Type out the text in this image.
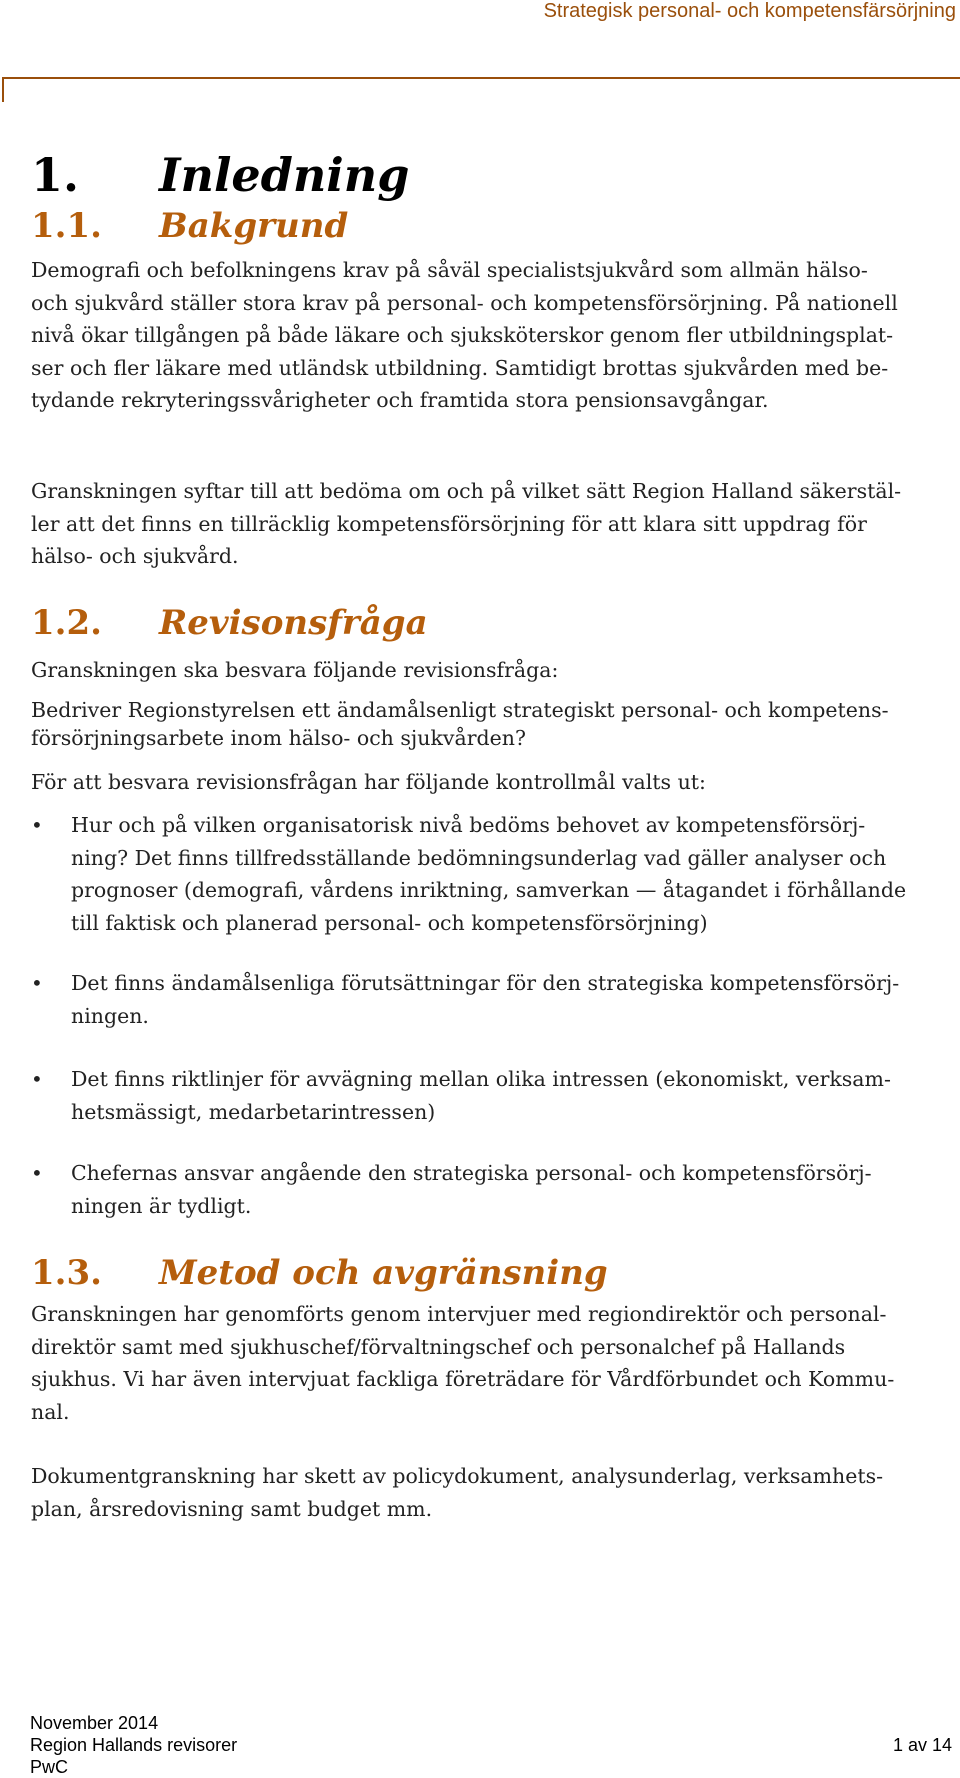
Strategisk personal- och kompetensfärsörjning
1. Inledning
1.1. Bakgrund
Demografi och befolkningens krav på såväl specialistsjukvård som allmän hälso-
och sjukvård ställer stora krav på personal- och kompetensförsörjning. På nationell
nivå ökar tillgången på både läkare och sjuksköterskor genom fler utbildningsplat-
ser och fler läkare med utländsk utbildning. Samtidigt brottas sjukvården med be-
tydande rekryteringssvårigheter och framtida stora pensionsavgångar.
Granskningen syftar till att bedöma om och på vilket sätt Region Halland säkerstäl-
ler att det finns en tillräcklig kompetensförsörjning för att klara sitt uppdrag för
hälso- och sjukvård.
1.2. Revisonsfråga
Granskningen ska besvara följande revisionsfråga:
Bedriver Regionstyrelsen ett ändamålsenligt strategiskt personal- och kompetens-
försörjningsarbete inom hälso- och sjukvården?
För att besvara revisionsfrågan har följande kontrollmål valts ut:
• Hur och på vilken organisatorisk nivå bedöms behovet av kompetensförsörj-
ning? Det finns tillfredsställande bedömningsunderlag vad gäller analyser och
prognoser (demografi, vårdens inriktning, samverkan — åtagandet i förhållande
till faktisk och planerad personal- och kompetensförsörjning)
• Det finns ändamålsenliga förutsättningar för den strategiska kompetensförsörj-
ningen.
• Det finns riktlinjer för avvägning mellan olika intressen (ekonomiskt, verksam-
hetsmässigt, medarbetarintressen)
• Chefernas ansvar angående den strategiska personal- och kompetensförsörj-
ningen är tydligt.
1.3. Metod och avgränsning
Granskningen har genomförts genom intervjuer med regiondirektör och personal-
direktör samt med sjukhuschef/förvaltningschef och personalchef på Hallands
sjukhus. Vi har även intervjuat fackliga företrädare för Vårdförbundet och Kommu-
nal.
Dokumentgranskning har skett av policydokument, analysunderlag, verksamhets-
plan, årsredovisning samt budget mm.
November 2014
Region Hallands revisorer
PwC
1 av 14
